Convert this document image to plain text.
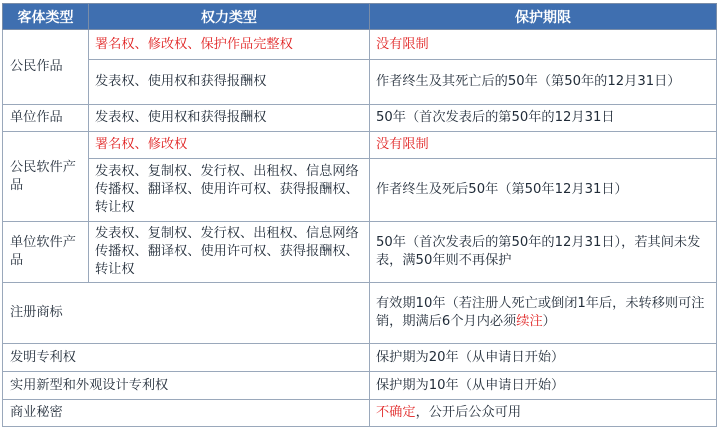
客体类型	权力类型	保护期限
公民作品	署名权、修改权、保护作品完整权	没有限制
	发表权、使用权和获得报酬权	作者终生及其死亡后的50年（第50年的12月31日）
单位作品	发表权、使用权和获得报酬权	50年（首次发表后的第50年的12月31日
公民软件产品	署名权、修改权	没有限制
	发表权、复制权、发行权、出租权、信息网络传播权、翻译权、使用许可权、获得报酬权、转让权	作者终生及死后50年（第50年12月31日）
单位软件产品	发表权、复制权、发行权、出租权、信息网络传播权、翻译权、使用许可权、获得报酬权、转让权	50年（首次发表后的第50年的12月31日），若其间未发表，满50年则不再保护
注册商标		有效期10年（若注册人死亡或倒闭1年后，未转移则可注销，期满后6个月内必须续注）
发明专利权		保护期为20年（从申请日开始）
实用新型和外观设计专利权		保护期为10年（从申请日开始）
商业秘密		不确定，公开后公众可用
